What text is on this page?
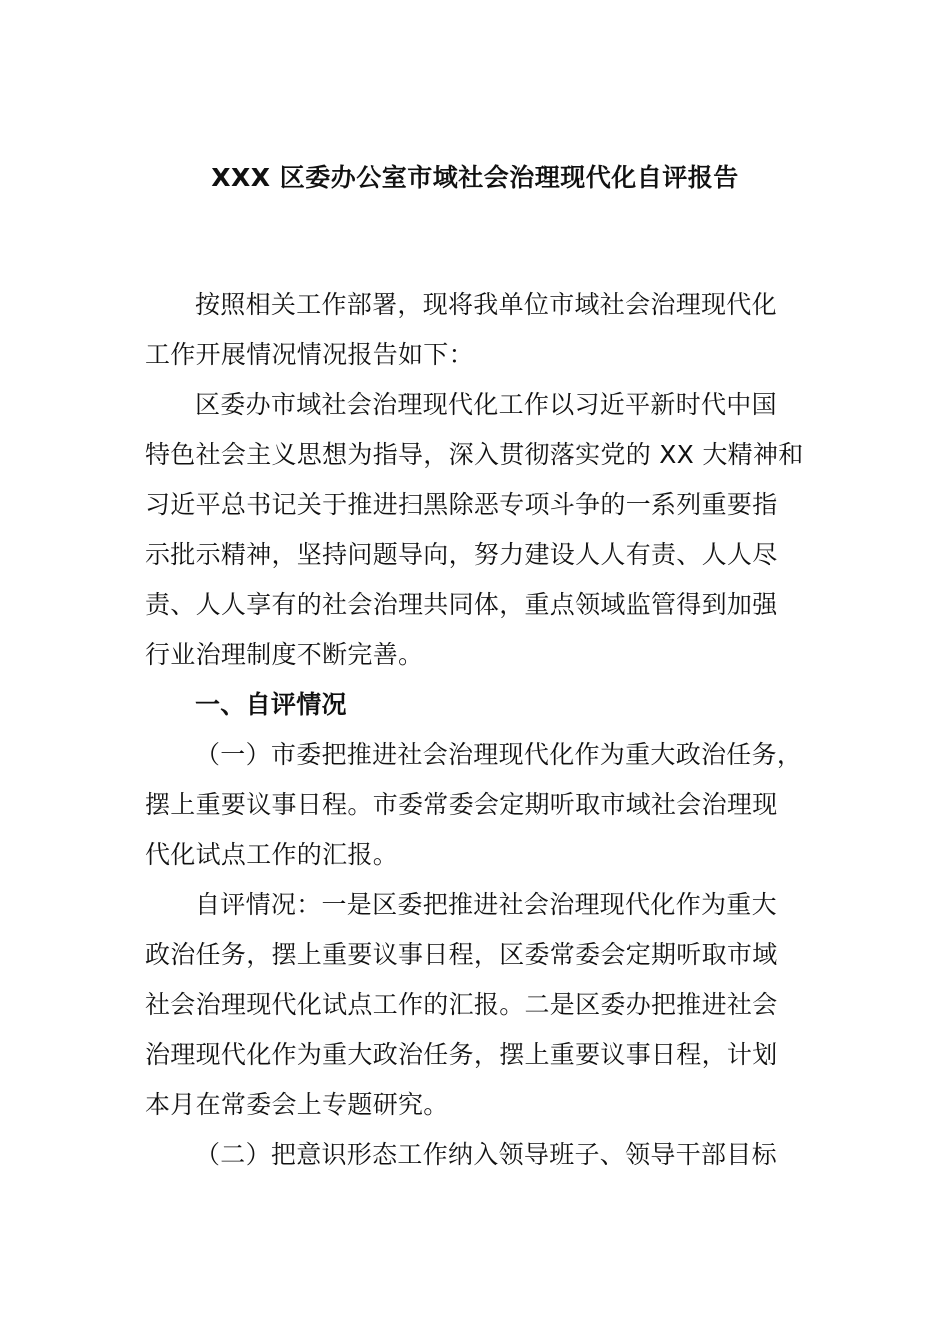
XXX 区委办公室市域社会治理现代化自评报告
按照相关工作部署，现将我单位市域社会治理现代化
工作开展情况情况报告如下：
区委办市域社会治理现代化工作以习近平新时代中国
特色社会主义思想为指导，深入贯彻落实党的 XX 大精神和
习近平总书记关于推进扫黑除恶专项斗争的一系列重要指
示批示精神，坚持问题导向，努力建设人人有责、人人尽
责、人人享有的社会治理共同体，重点领域监管得到加强
行业治理制度不断完善。
一、自评情况
（一）市委把推进社会治理现代化作为重大政治任务，
摆上重要议事日程。市委常委会定期听取市域社会治理现
代化试点工作的汇报。
自评情况：一是区委把推进社会治理现代化作为重大
政治任务，摆上重要议事日程，区委常委会定期听取市域
社会治理现代化试点工作的汇报。二是区委办把推进社会
治理现代化作为重大政治任务，摆上重要议事日程，计划
本月在常委会上专题研究。
（二）把意识形态工作纳入领导班子、领导干部目标
